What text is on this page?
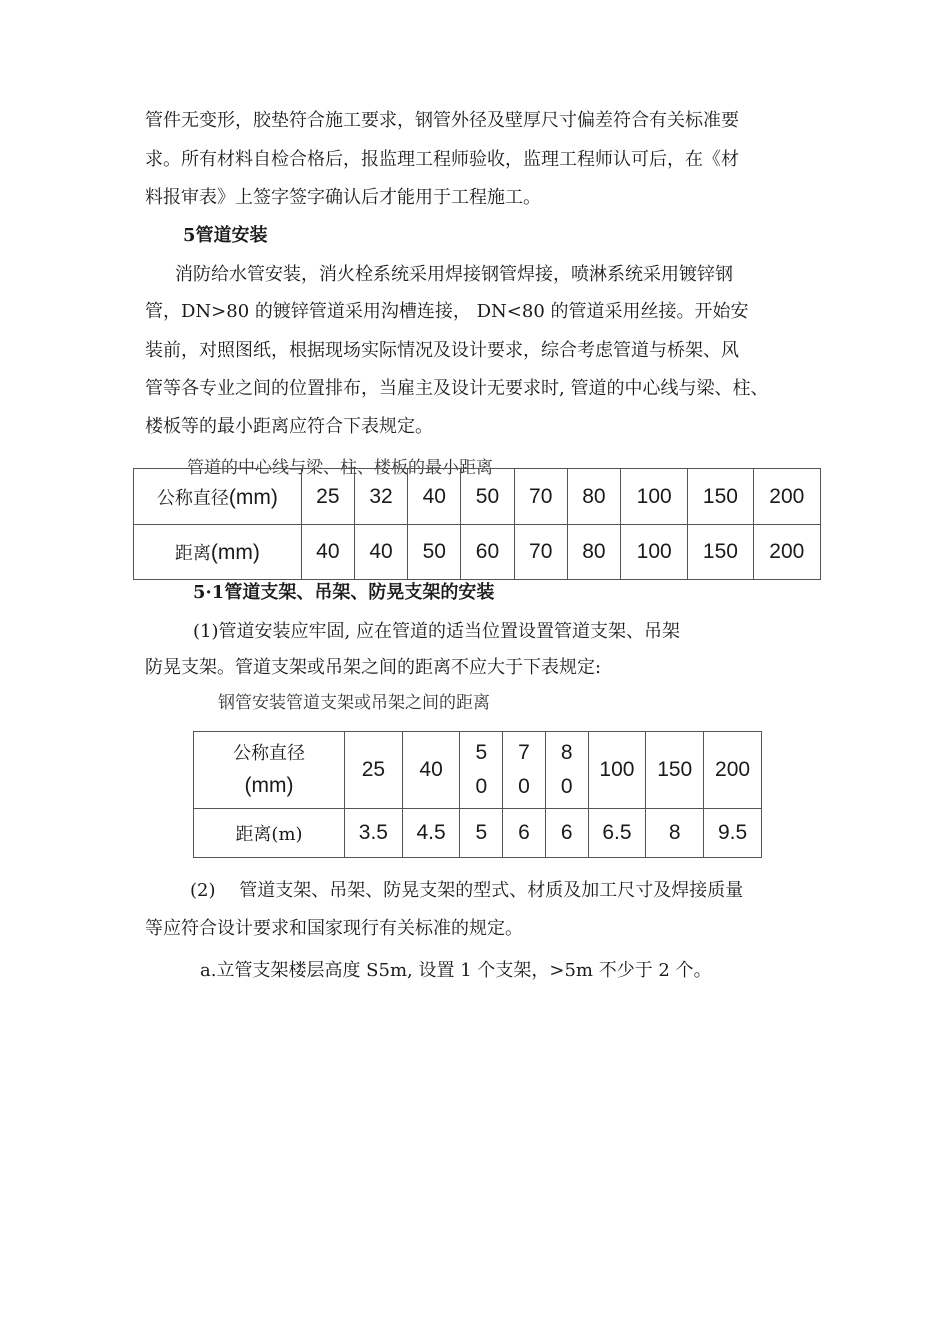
管件无变形，胶垫符合施工要求，钢管外径及壁厚尺寸偏差符合有关标准要
求。所有材料自检合格后，报监理工程师验收，监理工程师认可后，在《材
料报审表》上签字签字确认后才能用于工程施工。
5管道安装
消防给水管安装，消火栓系统采用焊接钢管焊接，喷淋系统采用镀锌钢
管，DN>80 的镀锌管道采用沟槽连接， DN<80 的管道采用丝接。开始安
装前，对照图纸，根据现场实际情况及设计要求，综合考虑管道与桥架、风
管等各专业之间的位置排布，当雇主及设计无要求时, 管道的中心线与梁、柱、
楼板等的最小距离应符合下表规定。
管道的中心线与梁、柱、楼板的最小距离
公称直径(mm)	25	32	40	50	70	80	100	150	200
距离(mm)	40	40	50	60	70	80	100	150	200
5·1管道支架、吊架、防晃支架的安装
(1)管道安装应牢固, 应在管道的适当位置设置管道支架、吊架
防晃支架。管道支架或吊架之间的距离不应大于下表规定:
钢管安装管道支架或吊架之间的距离
公称直径
(mm)	25	40	50	70	80	100	150	200
距离(m)	3.5	4.5	5	6	6	6.5	8	9.5
(2)　 管道支架、吊架、防晃支架的型式、材质及加工尺寸及焊接质量
等应符合设计要求和国家现行有关标准的规定。
a.立管支架楼层高度 S5m, 设置 1 个支架，>5m 不少于 2 个。
